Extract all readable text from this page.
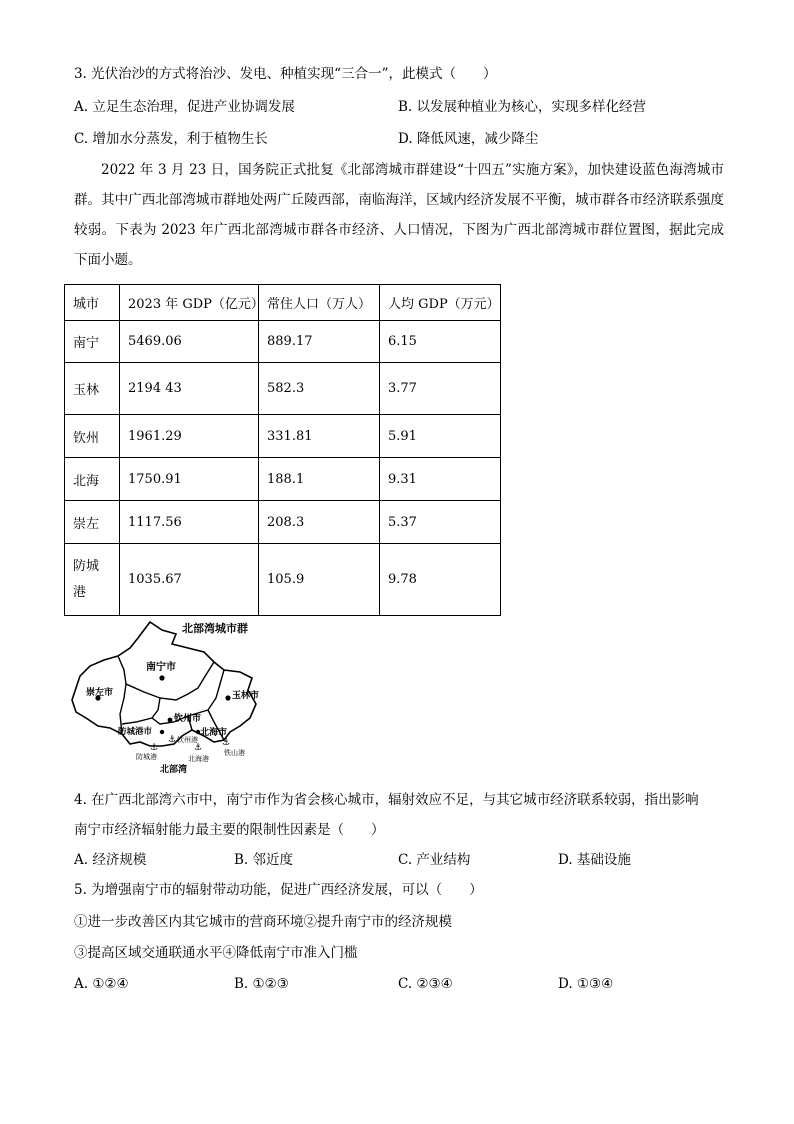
3. 光伏治沙的方式将治沙、发电、种植实现“三合一”，此模式（　　）
A. 立足生态治理，促进产业协调发展	B. 以发展种植业为核心，实现多样化经营
C. 增加水分蒸发，利于植物生长	D. 降低风速，减少降尘
2022 年 3 月 23 日，国务院正式批复《北部湾城市群建设“十四五”实施方案》，加快建设蓝色海湾城市群。其中广西北部湾城市群地处两广丘陵西部，南临海洋，区域内经济发展不平衡，城市群各市经济联系强度较弱。下表为 2023 年广西北部湾城市群各市经济、人口情况，下图为广西北部湾城市群位置图，据此完成下面小题。
城市	2023 年 GDP（亿元）	常住人口（万人）	人均 GDP（万元）
南宁	5469.06	889.17	6.15
玉林	2194 43	582.3	3.77
钦州	1961.29	331.81	5.91
北海	1750.91	188.1	9.31
崇左	1117.56	208.3	5.37
防城港	1035.67	105.9	9.78
北部湾城市群
南宁市
崇左市	玉林市
钦州市
防城港市	北海市
⚓
⚓	⚓ ⚓
钦州港
防城港	北海港
铁山港
北部湾
4. 在广西北部湾六市中，南宁市作为省会核心城市，辐射效应不足，与其它城市经济联系较弱，指出影响
南宁市经济辐射能力最主要的限制性因素是（　　）
A. 经济规模	B. 邻近度	C. 产业结构	D. 基础设施
5. 为增强南宁市的辐射带动功能，促进广西经济发展，可以（　　）
①进一步改善区内其它城市的营商环境②提升南宁市的经济规模
③提高区域交通联通水平④降低南宁市准入门槛
A. ①②④	B. ①②③	C. ②③④	D. ①③④
